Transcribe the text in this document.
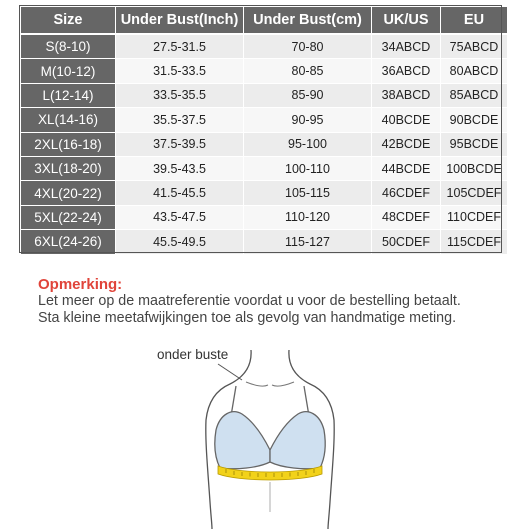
Size	Under Bust(Inch)	Under Bust(cm)	UK/US	EU
S(8-10)	27.5-31.5	70-80	34ABCD	75ABCD
M(10-12)	31.5-33.5	80-85	36ABCD	80ABCD
L(12-14)	33.5-35.5	85-90	38ABCD	85ABCD
XL(14-16)	35.5-37.5	90-95	40BCDE	90BCDE
2XL(16-18)	37.5-39.5	95-100	42BCDE	95BCDE
3XL(18-20)	39.5-43.5	100-110	44BCDE	100BCDE
4XL(20-22)	41.5-45.5	105-115	46CDEF	105CDEF
5XL(22-24)	43.5-47.5	110-120	48CDEF	110CDEF
6XL(24-26)	45.5-49.5	115-127	50CDEF	115CDEF
Opmerking:
Let meer op de maatreferentie voordat u voor de bestelling betaalt.
Sta kleine meetafwijkingen toe als gevolg van handmatige meting.
onder buste
